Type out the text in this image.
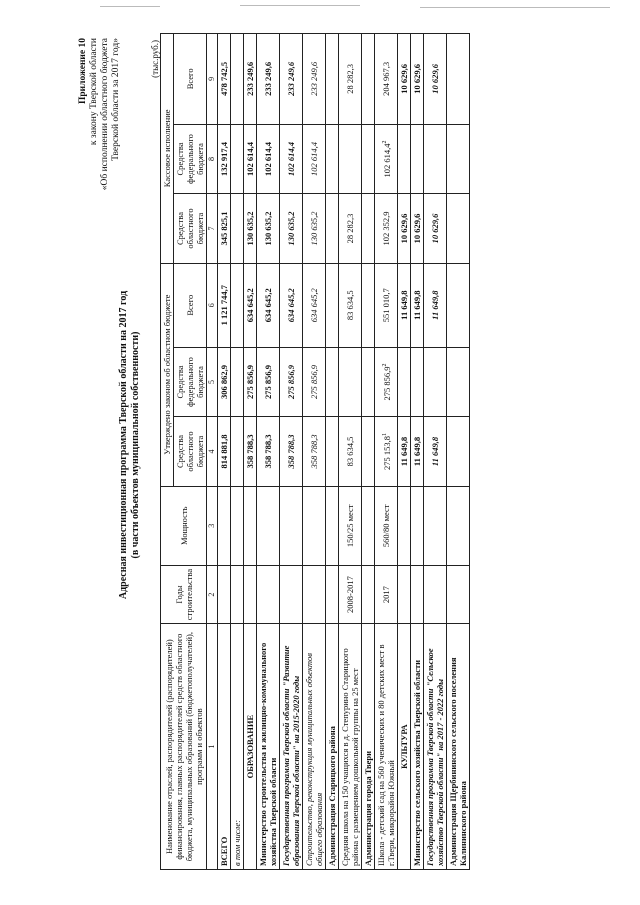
Приложение 10 к закону Тверской области «Об исполнении областного бюджета Тверской области за 2017 год»
Адресная инвестиционная программа Тверской области на 2017 год (в части объектов муниципальной собственности)
(тыс.руб.)
Наименование отраслей, распорядителей (распорядителей) финансирования, главных распорядителей средств областного бюджета, муниципальных образований (бюджетополучателей), программ и объектов	Годы строительства	Мощность	Утверждено законом об областном бюджете			Кассовое исполнение		
			Средства областного бюджета	Средства федерального бюджета	Всего	Средства областного бюджета	Средства федерального бюджета	Всего
1	2	3	4	5	6	7	8	9
ВСЕГО			814 881,8	306 862,9	1 121 744,7	345 825,1	132 917,4	478 742,5
в том числе:								
ОБРАЗОВАНИЕ			358 788,3	275 856,9	634 645,2	130 635,2	102 614,4	233 249,6
Министерство строительства и жилищно-коммунального хозяйства Тверской области			358 788,3	275 856,9	634 645,2	130 635,2	102 614,4	233 249,6
Государственная программа Тверской области "Развитие образования Тверской области" на 2015-2020 годы			358 788,3	275 856,9	634 645,2	130 635,2	102 614,4	233 249,6
Строительство, реконструкция муниципальных объектов общего образования			358 788,3	275 856,9	634 645,2	130 635,2	102 614,4	233 249,6
Администрация Старицкого района								
Средняя школа на 150 учащихся в д. Степурино Старицкого района с размещением дошкольной группы на 25 мест	2008-2017	150/25 мест	83 634,5		83 634,5	28 282,3		28 282,3
Администрация города Твери								
Школа - детский сад на 560 ученических и 80 детских мест в г.Твери, микрорайон Южный	2017	560/80 мест	275 153,8$^1$	275 856,9$^2$	551 010,7	102 352,9	102 614,4$^2$	204 967,3
КУЛЬТУРА			11 649,8		11 649,8	10 629,6		10 629,6
Министерство сельского хозяйства Тверской области			11 649,8		11 649,8	10 629,6		10 629,6
Государственная программа Тверской области "Сельское хозяйство Тверской области" на 2017 - 2022 годы			11 649,8		11 649,8	10 629,6		10 629,6
Администрация Щербининского сельского поселения Калининского района								
